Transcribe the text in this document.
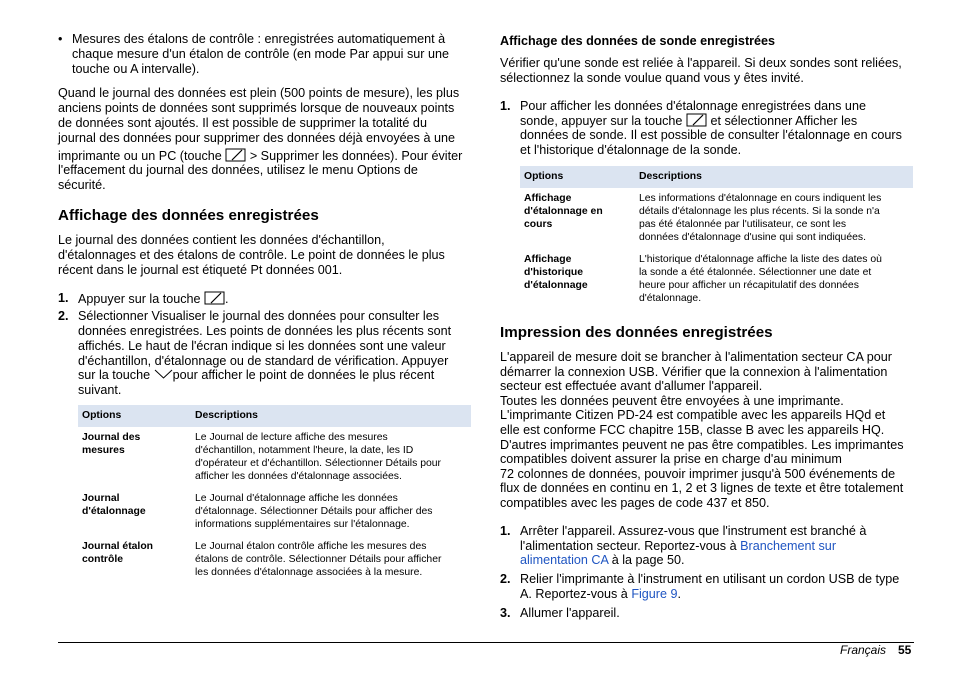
• Mesures des étalons de contrôle : enregistrées automatiquement à
chaque mesure d'un étalon de contrôle (en mode Par appui sur une
touche ou A intervalle).
Quand le journal des données est plein (500 points de mesure), les plus
anciens points de données sont supprimés lorsque de nouveaux points
de données sont ajoutés. Il est possible de supprimer la totalité du
journal des données pour supprimer des données déjà envoyées à une
imprimante ou un PC (touche > Supprimer les données). Pour éviter
l'effacement du journal des données, utilisez le menu Options de
sécurité.
Affichage des données enregistrées
Le journal des données contient les données d'échantillon,
d'étalonnages et des étalons de contrôle. Le point de données le plus
récent dans le journal est étiqueté Pt données 001.
1. Appuyer sur la touche .
2. Sélectionner Visualiser le journal des données pour consulter les
données enregistrées. Les points de données les plus récents sont
affichés. Le haut de l'écran indique si les données sont une valeur
d'échantillon, d'étalonnage ou de standard de vérification. Appuyer
sur la touche pour afficher le point de données le plus récent
suivant.
Options	Descriptions
Journal des
mesures
Le Journal de lecture affiche des mesures
d'échantillon, notamment l'heure, la date, les ID
d'opérateur et d'échantillon. Sélectionner Détails pour
afficher les données d'étalonnage associées.
Journal
d'étalonnage
Le Journal d'étalonnage affiche les données
d'étalonnage. Sélectionner Détails pour afficher des
informations supplémentaires sur l'étalonnage.
Journal étalon
contrôle
Le Journal étalon contrôle affiche les mesures des
étalons de contrôle. Sélectionner Détails pour afficher
les données d'étalonnage associées à la mesure.
Affichage des données de sonde enregistrées
Vérifier qu'une sonde est reliée à l'appareil. Si deux sondes sont reliées,
sélectionnez la sonde voulue quand vous y êtes invité.
1. Pour afficher les données d'étalonnage enregistrées dans une
sonde, appuyer sur la touche et sélectionner Afficher les
données de sonde. Il est possible de consulter l'étalonnage en cours
et l'historique d'étalonnage de la sonde.
Options	Descriptions
Affichage
d'étalonnage en
cours
Les informations d'étalonnage en cours indiquent les
détails d'étalonnage les plus récents. Si la sonde n'a
pas été étalonnée par l'utilisateur, ce sont les
données d'étalonnage d'usine qui sont indiquées.
Affichage
d'historique
d'étalonnage
L'historique d'étalonnage affiche la liste des dates où
la sonde a été étalonnée. Sélectionner une date et
heure pour afficher un récapitulatif des données
d'étalonnage.
Impression des données enregistrées
L'appareil de mesure doit se brancher à l'alimentation secteur CA pour
démarrer la connexion USB. Vérifier que la connexion à l'alimentation
secteur est effectuée avant d'allumer l'appareil.
Toutes les données peuvent être envoyées à une imprimante.
L'imprimante Citizen PD-24 est compatible avec les appareils HQd et
elle est conforme FCC chapitre 15B, classe B avec les appareils HQ.
D'autres imprimantes peuvent ne pas être compatibles. Les imprimantes
compatibles doivent assurer la prise en charge d'au minimum
72 colonnes de données, pouvoir imprimer jusqu'à 500 événements de
flux de données en continu en 1, 2 et 3 lignes de texte et être totalement
compatibles avec les pages de code 437 et 850.
1. Arrêter l'appareil. Assurez-vous que l'instrument est branché à
l'alimentation secteur. Reportez-vous à Branchement sur
alimentation CA à la page 50.
2. Relier l'imprimante à l'instrument en utilisant un cordon USB de type
A. Reportez-vous à Figure 9.
3. Allumer l'appareil.
Français 55
